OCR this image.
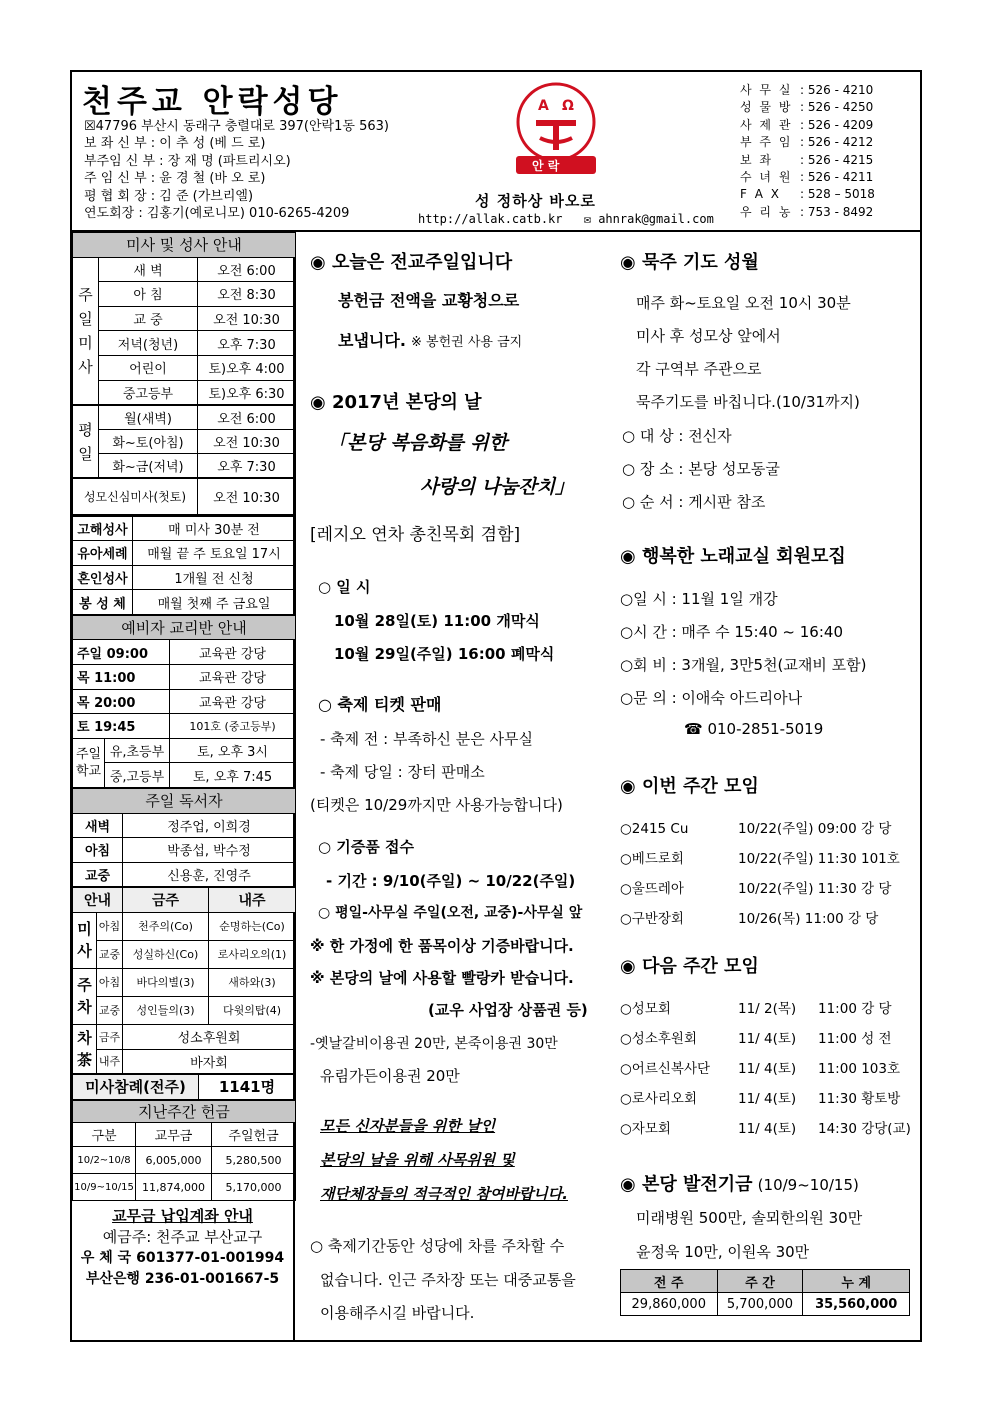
천주교 안락성당
☒47796 부산시 동래구 충렬대로 397(안락1동 563)
보 좌 신 부 : 이 추 성 (베 드 로)
부주임 신 부 : 장 재 명 (파트리시오)
주 임 신 부 : 윤 경 철 (바 오 로)
평 협 회 장 : 김 준 (가브리엘)
연도회장 : 김홍기(예로니모) 010-6265-4209
A Ω
안 락
성 정하상 바오로
http://allak.catb.kr ✉ ahnrak@gmail.com
사 무 실 : 526 - 4210
성 물 방 : 526 - 4250
사 제 관 : 526 - 4209
부 주 임 : 526 - 4212
보 좌	: 526 - 4215
수 녀 원 : 526 - 4211
F A X	: 528 – 5018
우 리 농 : 753 - 8492
미사 및 성사 안내		
주일미사	새 벽	오전 6:00
	아 침	오전 8:30
	교 중	오전 10:30
	저녁(청년)	오후 7:30
	어린이	토)오후 4:00
	중고등부	토)오후 6:30
평일	월(새벽)	오전 6:00
	화~토(아침)	오전 10:30
	화~금(저녁)	오후 7:30
성모신심미사(첫토)		오전 10:30
고해성사	매 미사 30분 전
유아세례	매월 끝 주 토요일 17시
혼인성사	1개월 전 신청
봉 성 체	매월 첫째 주 금요일
예비자 교리반 안내		
주일 09:00		교육관 강당
목 11:00		교육관 강당
목 20:00		교육관 강당
토 19:45		101호 (중고등부)
주일학교	유,초등부	토, 오후 3시
	중,고등부	토, 오후 7:45
주일 독서자	
새벽	정주업, 이희경
아침	박종섭, 박수정
교중	신용훈, 진영주
안내		금주	내주
미사	아침	천주의(Co)	순명하는(Co)
	교중	성실하신(Co)	로사리오의(1)
주차	아침	바다의별(3)	새하와(3)
	교중	성인들의(3)	다윗의탑(4)
차茶	금주	성소후원회	
	내주	바자회	
미사참례(전주)	1141명
지난주간 헌금		
구분	교무금	주일헌금
10/2~10/8	6,005,000	5,280,500
10/9~10/15	11,874,000	5,170,000
교무금 납입계좌 안내
예금주: 천주교 부산교구
우 체 국 601377-01-001994
부산은행 236-01-001667-5
◉ 오늘은 전교주일입니다
봉헌금 전액을 교황청으로
보냅니다. ※ 봉헌권 사용 금지
◉ 2017년 본당의 날
「본당 복음화를 위한
사랑의 나눔잔치」
[레지오 연차 총친목회 겸함]
○ 일 시
10월 28일(토) 11:00 개막식
10월 29일(주일) 16:00 폐막식
○ 축제 티켓 판매
- 축제 전 : 부족하신 분은 사무실
- 축제 당일 : 장터 판매소
(티켓은 10/29까지만 사용가능합니다)
○ 기증품 접수
- 기간 : 9/10(주일) ~ 10/22(주일)
○ 평일-사무실 주일(오전, 교중)-사무실 앞
※ 한 가정에 한 품목이상 기증바랍니다.
※ 본당의 날에 사용할 빨랑카 받습니다.
(교우 사업장 상품권 등)
-옛날갈비이용권 20만, 본죽이용권 30만
유림가든이용권 20만
모든 신자분들을 위한 날인
본당의 날을 위해 사목위원 및
재단체장들의 적극적인 참여바랍니다.
○ 축제기간동안 성당에 차를 주차할 수
없습니다. 인근 주차장 또는 대중교통을
이용해주시길 바랍니다.
◉ 묵주 기도 성월
매주 화~토요일 오전 10시 30분
미사 후 성모상 앞에서
각 구역부 주관으로
묵주기도를 바칩니다.(10/31까지)
○ 대 상 : 전신자
○ 장 소 : 본당 성모동굴
○ 순 서 : 게시판 참조
◉ 행복한 노래교실 회원모집
○일 시 : 11월 1일 개강
○시 간 : 매주 수 15:40 ~ 16:40
○회 비 : 3개월, 3만5천(교재비 포함)
○문 의 : 이애숙 아드리아나
☎ 010-2851-5019
◉ 이번 주간 모임
○2415 Cu	10/22(주일) 09:00 강 당
○베드로회	10/22(주일) 11:30 101호
○울뜨레아	10/22(주일) 11:30 강 당
○구반장회	10/26(목) 11:00 강 당
◉ 다음 주간 모임
○성모회	11/ 2(목) 11:00 강 당
○성소후원회	11/ 4(토) 11:00 성 전
○어르신복사단 11/ 4(토) 11:00 103호
○로사리오회	11/ 4(토) 11:30 황토방
○자모회	11/ 4(토) 14:30 강당(교)
◉ 본당 발전기금 (10/9~10/15)
미래병원 500만, 솔뫼한의원 30만
윤정욱 10만, 이원옥 30만
전 주	주 간	누 계
29,860,000	5,700,000	35,560,000
